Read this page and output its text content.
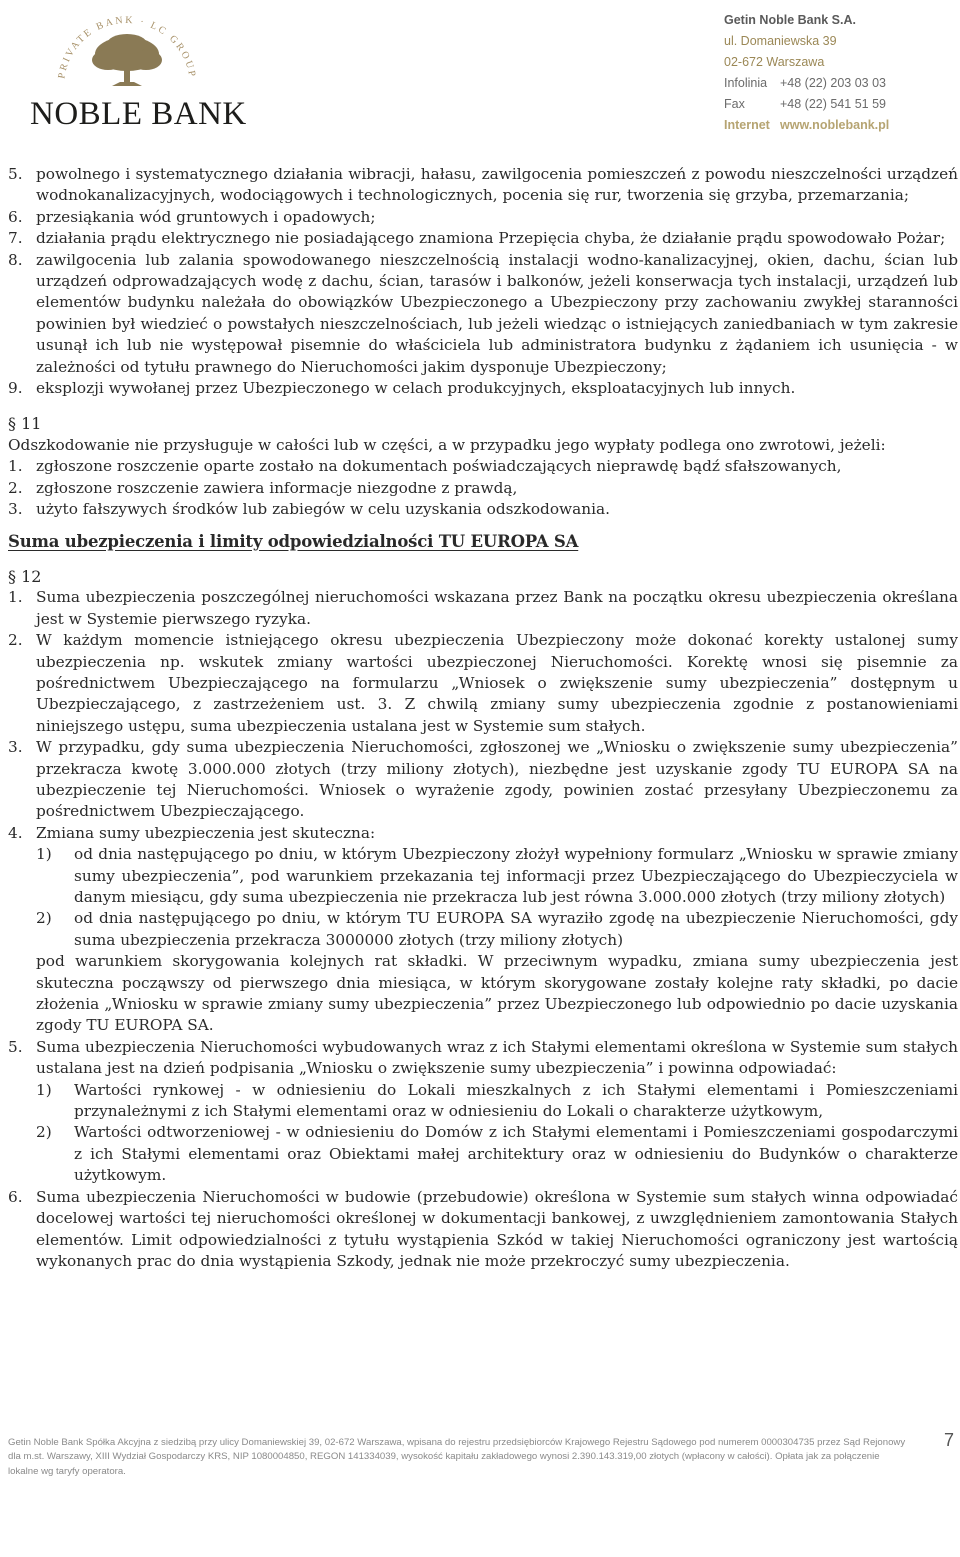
PRIVATE BANK · LC GROUP
NOBLE BANK
Getin Noble Bank S.A.
ul. Domaniewska 39
02-672 Warszawa
Infolinia	+48 (22) 203 03 03
Fax	+48 (22) 541 51 59
Internet www.noblebank.pl
5. powolnego i systematycznego działania wibracji, hałasu, zawilgocenia pomieszczeń z powodu nieszczelności urządzeń wodnokanalizacyjnych, wodociągowych i technologicznych, pocenia się rur, tworzenia się grzyba, przemarzania;
6. przesiąkania wód gruntowych i opadowych;
7. działania prądu elektrycznego nie posiadającego znamiona Przepięcia chyba, że działanie prądu spowodowało Pożar;
8. zawilgocenia lub zalania spowodowanego nieszczelnością instalacji wodno-kanalizacyjnej, okien, dachu, ścian lub urządzeń odprowadzających wodę z dachu, ścian, tarasów i balkonów, jeżeli konserwacja tych instalacji, urządzeń lub elementów budynku należała do obowiązków Ubezpieczonego a Ubezpieczony przy zachowaniu zwykłej staranności powinien był wiedzieć o powstałych nieszczelnościach, lub jeżeli wiedząc o istniejących zaniedbaniach w tym zakresie usunął ich lub nie występował pisemnie do właściciela lub administratora budynku z żądaniem ich usunięcia - w zależności od tytułu prawnego do Nieruchomości jakim dysponuje Ubezpieczony;
9. eksplozji wywołanej przez Ubezpieczonego w celach produkcyjnych, eksploatacyjnych lub innych.
§ 11
Odszkodowanie nie przysługuje w całości lub w części, a w przypadku jego wypłaty podlega ono zwrotowi, jeżeli:
1. zgłoszone roszczenie oparte zostało na dokumentach poświadczających nieprawdę bądź sfałszowanych,
2. zgłoszone roszczenie zawiera informacje niezgodne z prawdą,
3. użyto fałszywych środków lub zabiegów w celu uzyskania odszkodowania.
Suma ubezpieczenia i limity odpowiedzialności TU EUROPA SA
§ 12
1. Suma ubezpieczenia poszczególnej nieruchomości wskazana przez Bank na początku okresu ubezpieczenia określana jest w Systemie pierwszego ryzyka.
2. W każdym momencie istniejącego okresu ubezpieczenia Ubezpieczony może dokonać korekty ustalonej sumy ubezpieczenia np. wskutek zmiany wartości ubezpieczonej Nieruchomości. Korektę wnosi się pisemnie za pośrednictwem Ubezpieczającego na formularzu „Wniosek o zwiększenie sumy ubezpieczenia” dostępnym u Ubezpieczającego, z zastrzeżeniem ust. 3. Z chwilą zmiany sumy ubezpieczenia zgodnie z postanowieniami niniejszego ustępu, suma ubezpieczenia ustalana jest w Systemie sum stałych.
3. W przypadku, gdy suma ubezpieczenia Nieruchomości, zgłoszonej we „Wniosku o zwiększenie sumy ubezpieczenia” przekracza kwotę 3.000.000 złotych (trzy miliony złotych), niezbędne jest uzyskanie zgody TU EUROPA SA na ubezpieczenie tej Nieruchomości. Wniosek o wyrażenie zgody, powinien zostać przesyłany Ubezpieczonemu za pośrednictwem Ubezpieczającego.
4. Zmiana sumy ubezpieczenia jest skuteczna:
1)	od dnia następującego po dniu, w którym Ubezpieczony złożył wypełniony formularz „Wniosku w sprawie zmiany sumy ubezpieczenia”, pod warunkiem przekazania tej informacji przez Ubezpieczającego do Ubezpieczyciela w danym miesiącu, gdy suma ubezpieczenia nie przekracza lub jest równa 3.000.000 złotych (trzy miliony złotych)
2)	od dnia następującego po dniu, w którym TU EUROPA SA wyraziło zgodę na ubezpieczenie Nieruchomości, gdy suma ubezpieczenia przekracza 3000000 złotych (trzy miliony złotych)
pod warunkiem skorygowania kolejnych rat składki. W przeciwnym wypadku, zmiana sumy ubezpieczenia jest skuteczna począwszy od pierwszego dnia miesiąca, w którym skorygowane zostały kolejne raty składki, po dacie złożenia „Wniosku w sprawie zmiany sumy ubezpieczenia” przez Ubezpieczonego lub odpowiednio po dacie uzyskania zgody TU EUROPA SA.
5. Suma ubezpieczenia Nieruchomości wybudowanych wraz z ich Stałymi elementami określona w Systemie sum stałych ustalana jest na dzień podpisania „Wniosku o zwiększenie sumy ubezpieczenia” i powinna odpowiadać:
1)	Wartości rynkowej - w odniesieniu do Lokali mieszkalnych z ich Stałymi elementami i Pomieszczeniami przynależnymi z ich Stałymi elementami oraz w odniesieniu do Lokali o charakterze użytkowym,
2)	Wartości odtworzeniowej - w odniesieniu do Domów z ich Stałymi elementami i Pomieszczeniami gospodarczymi z ich Stałymi elementami oraz Obiektami małej architektury oraz w odniesieniu do Budynków o charakterze użytkowym.
6. Suma ubezpieczenia Nieruchomości w budowie (przebudowie) określona w Systemie sum stałych winna odpowiadać docelowej wartości tej nieruchomości określonej w dokumentacji bankowej, z uwzględnieniem zamontowania Stałych elementów. Limit odpowiedzialności z tytułu wystąpienia Szkód w takiej Nieruchomości ograniczony jest wartością wykonanych prac do dnia wystąpienia Szkody, jednak nie może przekroczyć sumy ubezpieczenia.
Getin Noble Bank Spółka Akcyjna z siedzibą przy ulicy Domaniewskiej 39, 02-672 Warszawa, wpisana do rejestru przedsiębiorców Krajowego Rejestru Sądowego pod numerem 0000304735 przez Sąd Rejonowy dla m.st. Warszawy, XIII Wydział Gospodarczy KRS, NIP 1080004850, REGON 141334039, wysokość kapitału zakładowego wynosi 2.390.143.319,00 złotych (wpłacony w całości). Opłata jak za połączenie lokalne wg taryfy operatora.
7
